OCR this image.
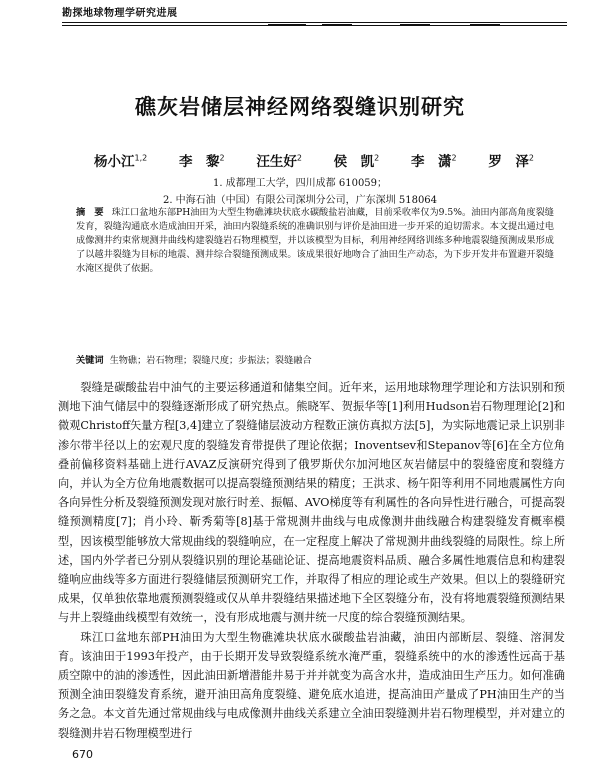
勘探地球物理学研究进展
礁灰岩储层神经网络裂缝识别研究
杨小江$^{1,2}$ 李　黎$^2$ 汪生好$^2$ 侯　凯$^2$ 李　潇$^2$ 罗　泽$^2$
1. 成都理工大学，四川成都 610059；
2. 中海石油（中国）有限公司深圳分公司，广东深圳 518064
摘　要 珠江口盆地东部PH油田为大型生物礁滩块状底水碳酸盐岩油藏，目前采收率仅为9.5%。油田内部高角度裂缝发育，裂缝沟通底水造成油田开采，油田内裂缝系统的准确识别与评价是油田进一步开采的迫切需求。本文提出通过电成像测井约束常规测井曲线构建裂缝岩石物理模型，并以该模型为目标，利用神经网络训练多种地震裂缝预测成果形成了以越井裂缝为目标的地震、测井综合裂缝预测成果。该成果很好地吻合了油田生产动态，为下步开发井布置避开裂缝水淹区提供了依据。
关键词 生物礁；岩石物理；裂缝尺度；步振法；裂缝融合

裂缝是碳酸盐岩中油气的主要运移通道和储集空间。近年来，运用地球物理学理论和方法识别和预测地下油气储层中的裂缝逐渐形成了研究热点。熊晓军、贺振华等[1]利用Hudson岩石物理理论[2]和微观Christoff矢量方程[3,4]建立了裂缝储层波动方程数正演仿真拟方法[5]，为实际地震记录上识别非渗尔带半径以上的宏观尺度的裂缝发育带提供了理论依据；Inoventsev和Stepanov等[6]在全方位角叠前偏移资料基础上进行AVAZ反演研究得到了俄罗斯伏尔加河地区灰岩储层中的裂缝密度和裂缝方向，并认为全方位角地震数据可以提高裂缝预测结果的精度；王洪求、杨午阳等利用不同地震属性方向各向异性分析及裂缝预测发现对旅行时差、振幅、AVO梯度等有利属性的各向异性进行融合，可提高裂缝预测精度[7]；肖小玲、靳秀菊等[8]基于常规测井曲线与电成像测井曲线融合构建裂缝发育概率模型，因该模型能够放大常规曲线的裂缝响应，在一定程度上解决了常规测井曲线裂缝的局限性。综上所述，国内外学者已分别从裂缝识别的理论基础论证、提高地震资料品质、融合多属性地震信息和构建裂缝响应曲线等多方面进行裂缝储层预测研究工作，并取得了相应的理论或生产效果。但以上的裂缝研究成果，仅单独依靠地震预测裂缝或仅从单井裂缝结果描述地下全区裂缝分布，没有将地震裂缝预测结果与井上裂缝曲线模型有效统一，没有形成地震与测井统一尺度的综合裂缝预测结果。

珠江口盆地东部PH油田为大型生物礁滩块状底水碳酸盐岩油藏，油田内部断层、裂缝、溶洞发育。该油田于1993年投产，由于长期开发导致裂缝系统水淹严重，裂缝系统中的水的渗透性远高于基质空隙中的油的渗透性，因此油田新增潜能井易于并并就变为高含水井，造成油田生产压力。如何准确预测全油田裂缝发育系统，避开油田高角度裂缝、避免底水追进，提高油田产量成了PH油田生产的当务之急。本文首先通过常规曲线与电成像测井曲线关系建立全油田裂缝测井岩石物理模型，并对建立的裂缝测井岩石物理模型进行

670
